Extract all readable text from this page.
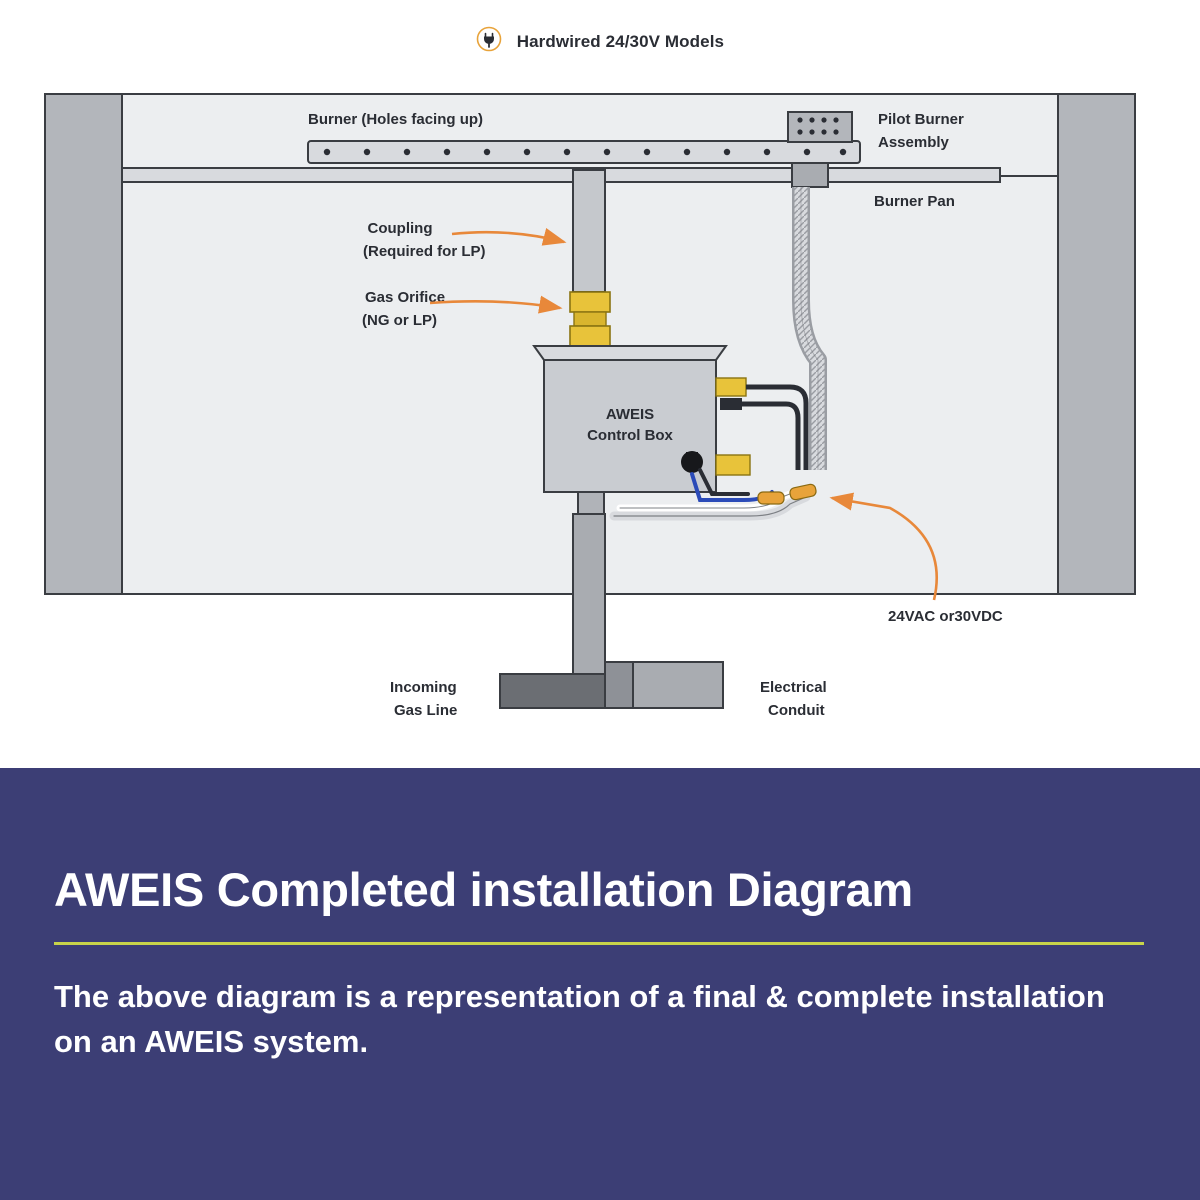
Hardwired 24/30V Models
AWEIS
Control Box
Burner (Holes facing up)	Pilot Burner
Assembly
Burner Pan
Coupling
(Required for LP)
Gas Orifice
(NG or LP)
24VAC or30VDC
Incoming
Gas Line
Electrical
Conduit
AWEIS Completed installation Diagram
The above diagram is a representation of a final & complete installation on an AWEIS system.
